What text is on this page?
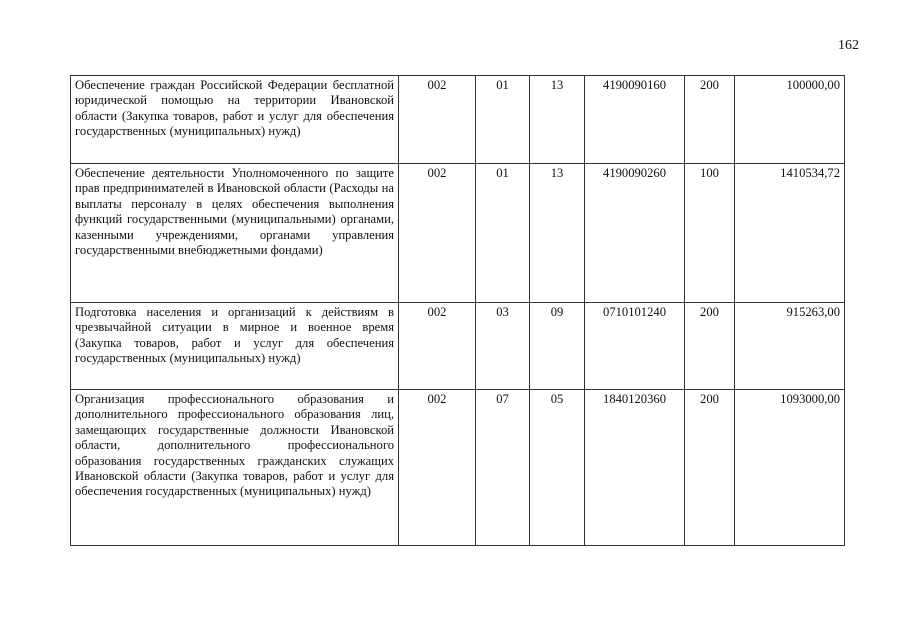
162
Обеспечение граждан Российской Федерации бесплатной юридической помощью на территории Ивановской области (Закупка товаров, работ и услуг для обеспечения государственных (муниципальных) нужд)	002	01	13	4190090160	200	100000,00
Обеспечение деятельности Уполномоченного по защите прав предпринимателей в Ивановской области (Расходы на выплаты персоналу в целях обеспечения выполнения функций государственными (муниципальными) органами, казенными учреждениями, органами управления государственными внебюджетными фондами)	002	01	13	4190090260	100	1410534,72
Подготовка населения и организаций к действиям в чрезвычайной ситуации в мирное и военное время (Закупка товаров, работ и услуг для обеспечения государственных (муниципальных) нужд)	002	03	09	0710101240	200	915263,00
Организация профессионального образования и дополнительного профессионального образования лиц, замещающих государственные должности Ивановской области, дополнительного профессионального образования государственных гражданских служащих Ивановской области (Закупка товаров, работ и услуг для обеспечения государственных (муниципальных) нужд)	002	07	05	1840120360	200	1093000,00
